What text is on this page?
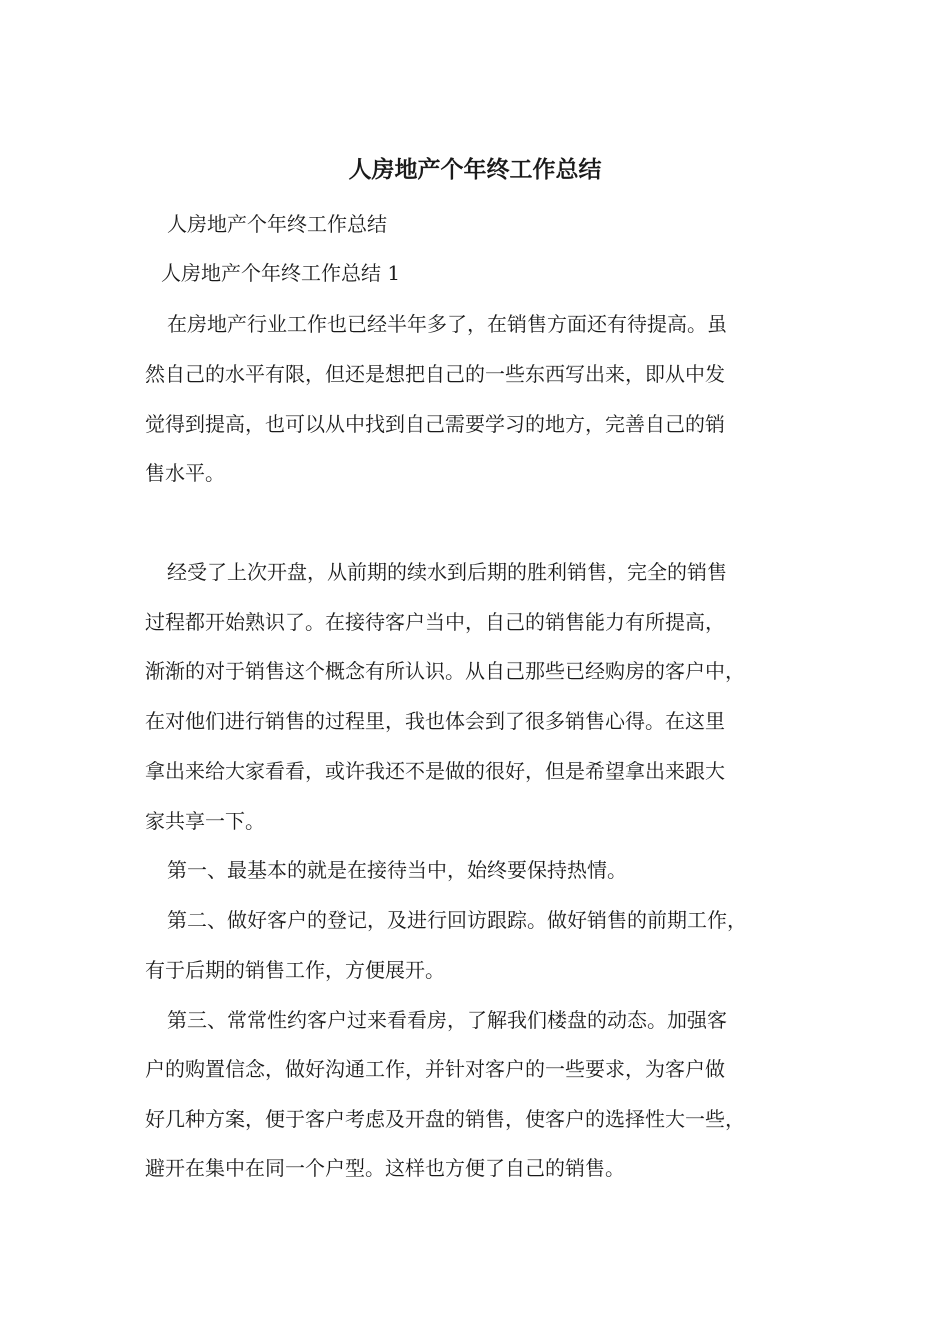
人房地产个年终工作总结

人房地产个年终工作总结

人房地产个年终工作总结 1

在房地产行业工作也已经半年多了，在销售方面还有待提高。虽

然自己的水平有限，但还是想把自己的一些东西写出来，即从中发

觉得到提高，也可以从中找到自己需要学习的地方，完善自己的销

售水平。

经受了上次开盘，从前期的续水到后期的胜利销售，完全的销售

过程都开始熟识了。在接待客户当中，自己的销售能力有所提高，

渐渐的对于销售这个概念有所认识。从自己那些已经购房的客户中，

在对他们进行销售的过程里，我也体会到了很多销售心得。在这里

拿出来给大家看看，或许我还不是做的很好，但是希望拿出来跟大

家共享一下。

第一、最基本的就是在接待当中，始终要保持热情。

第二、做好客户的登记，及进行回访跟踪。做好销售的前期工作，

有于后期的销售工作，方便展开。

第三、常常性约客户过来看看房，了解我们楼盘的动态。加强客

户的购置信念，做好沟通工作，并针对客户的一些要求，为客户做

好几种方案，便于客户考虑及开盘的销售，使客户的选择性大一些，

避开在集中在同一个户型。这样也方便了自己的销售。
